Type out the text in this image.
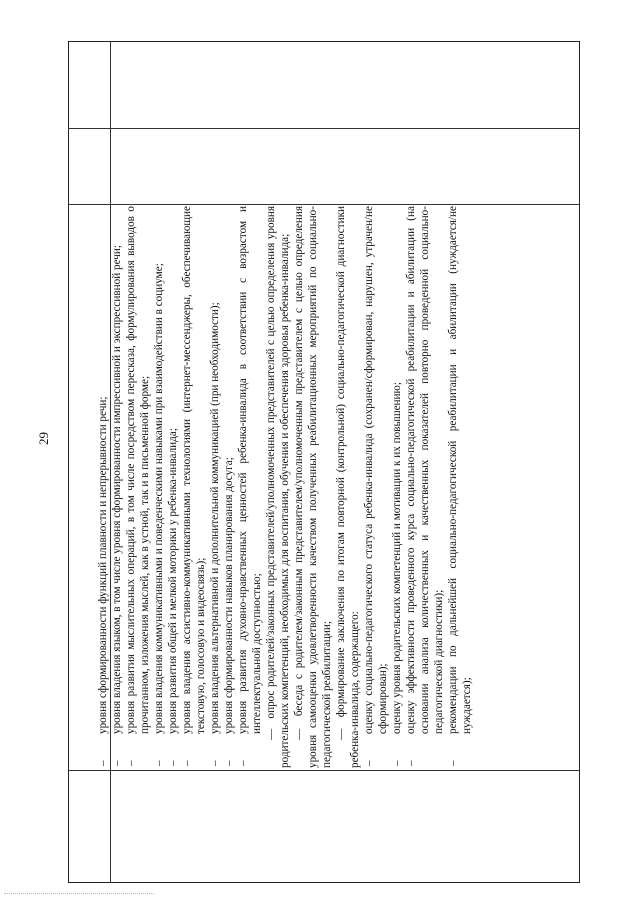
29
–
уровня сформированности функций плавности и непрерывности речи;
–
уровня владения языком, в том числе уровня сформированности импрессивной и экспрессивной речи;
–
уровня развития мыслительных операций, в том числе посредством пересказа, формулирования выводов о прочитанном, изложения мыслей, как в устной, так и в письменной форме;
–
уровня владения коммуникативными и поведенческими навыками при взаимодействии в социуме;
–
уровня развития общей и мелкой моторики у ребенка-инвалида;
–
уровня владения ассистивно-коммуникативными технологиями (интернет-мессенджеры, обеспечивающие текстовую, голосовую и видеосвязь);
–
уровня владения альтернативной и дополнительной коммуникацией (при необходимости);
–
уровня сформированности навыков планирования досуга;
–
уровня развития духовно-нравственных ценностей ребенка-инвалида в соответствии с возрастом и интеллектуальной доступностью;
— опрос родителей/законных представителей/уполномоченных представителей с целью определения уровня родительских компетенций, необходимых для воспитания, обучения и обеспечения здоровья ребенка-инвалида; — беседа с родителем/законным представителем/уполномоченным представителем с целью определения уровня самооценки удовлетворенности качеством полученных реабилитационных мероприятий по социально-педагогической реабилитации; — формирование заключения по итогам повторной (контрольной) социально-педагогической диагностики ребенка-инвалида, содержащего: –
оценку социально-педагогического статуса ребенка-инвалида (сохранен/сформирован, нарушен, утрачен/не сформирован);
–
оценку уровня родительских компетенций и мотивации к их повышению;
–
оценку эффективности проведенного курса социально-педагогической реабилитации и абилитации (на основании анализа количественных и качественных показателей повторно проведенной социально-педагогической диагностики);
–
рекомендации по дальнейшей социально-педагогической реабилитации и абилитации (нуждается/не нуждается);
